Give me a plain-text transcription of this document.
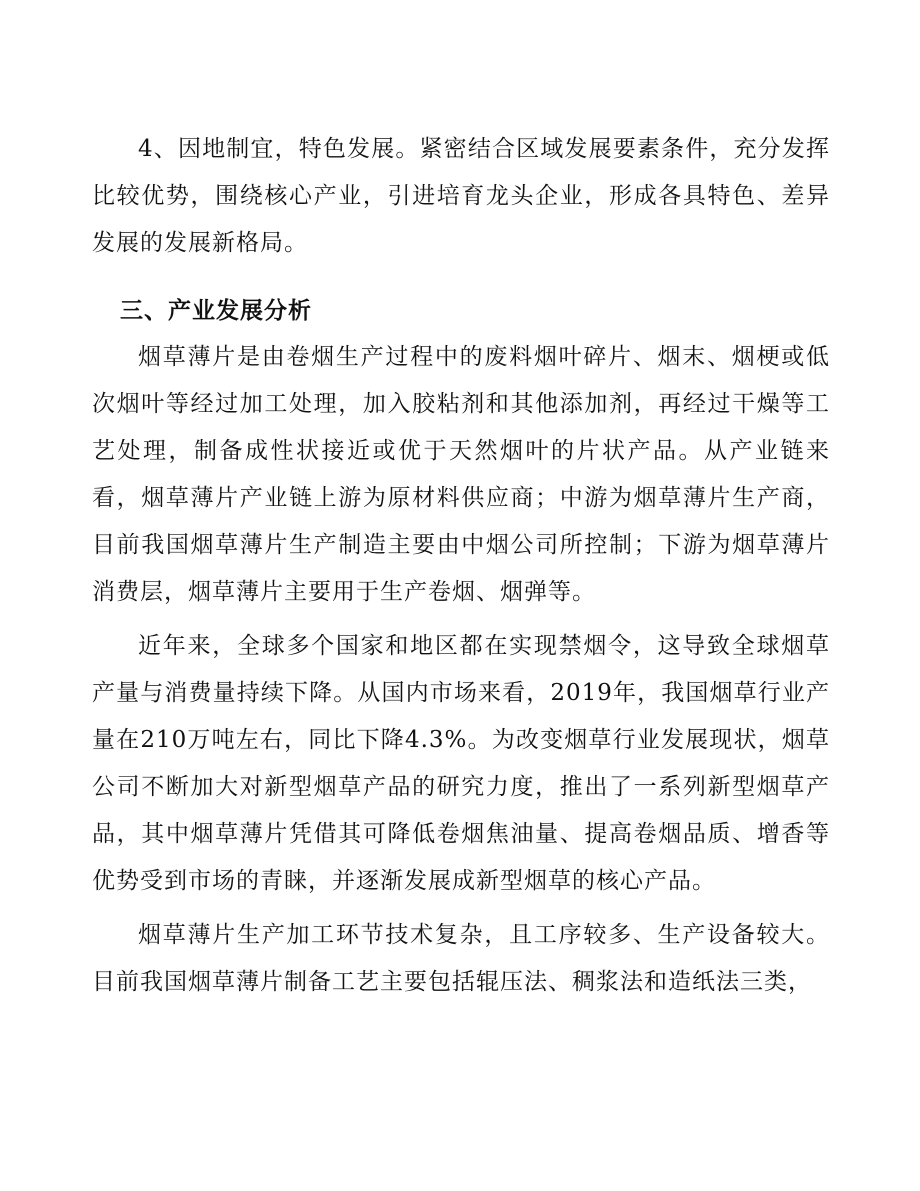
4、因地制宜，特色发展。紧密结合区域发展要素条件，充分发挥比较优势，围绕核心产业，引进培育龙头企业，形成各具特色、差异发展的发展新格局。

三、产业发展分析

烟草薄片是由卷烟生产过程中的废料烟叶碎片、烟末、烟梗或低次烟叶等经过加工处理，加入胶粘剂和其他添加剂，再经过干燥等工艺处理，制备成性状接近或优于天然烟叶的片状产品。从产业链来看，烟草薄片产业链上游为原材料供应商；中游为烟草薄片生产商，目前我国烟草薄片生产制造主要由中烟公司所控制；下游为烟草薄片消费层，烟草薄片主要用于生产卷烟、烟弹等。

近年来，全球多个国家和地区都在实现禁烟令，这导致全球烟草产量与消费量持续下降。从国内市场来看，2019年，我国烟草行业产量在210万吨左右，同比下降4.3%。为改变烟草行业发展现状，烟草公司不断加大对新型烟草产品的研究力度，推出了一系列新型烟草产品，其中烟草薄片凭借其可降低卷烟焦油量、提高卷烟品质、增香等优势受到市场的青睐，并逐渐发展成新型烟草的核心产品。

烟草薄片生产加工环节技术复杂，且工序较多、生产设备较大。目前我国烟草薄片制备工艺主要包括辊压法、稠浆法和造纸法三类，
